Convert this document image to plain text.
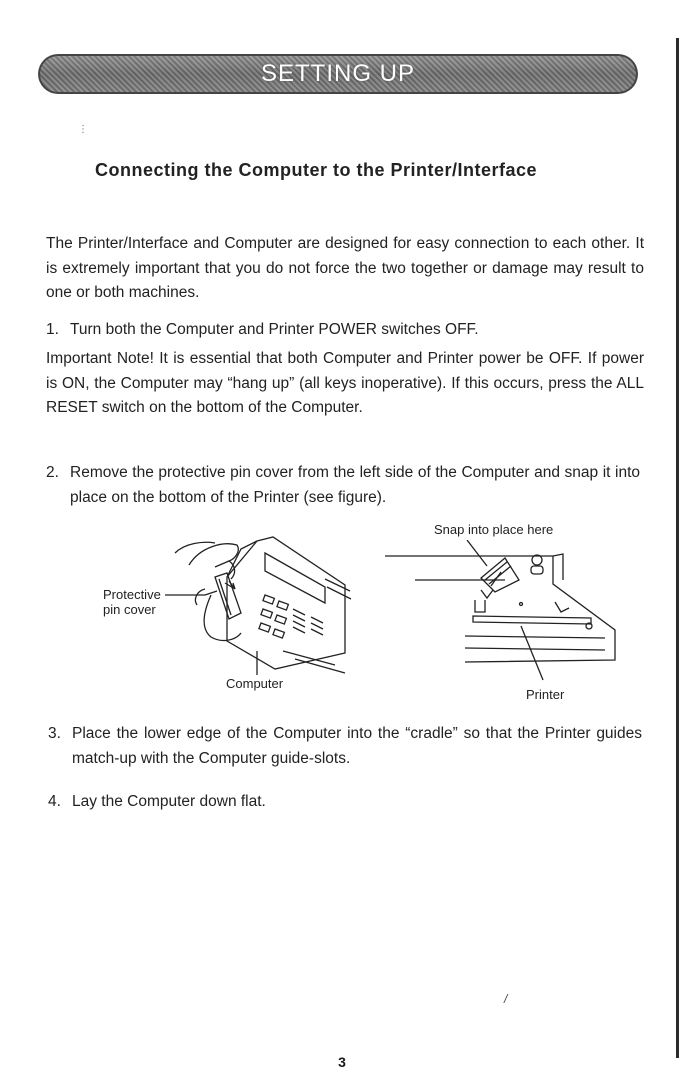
SETTING UP
⋮
Connecting the Computer to the Printer/Interface
The Printer/Interface and Computer are designed for easy connection to each other. It is extremely important that you do not force the two together or damage may result to one or both machines.
1. Turn both the Computer and Printer POWER switches OFF.
Important Note! It is essential that both Computer and Printer power be OFF. If power is ON, the Computer may “hang up” (all keys inoperative). If this occurs, press the ALL RESET switch on the bottom of the Computer.
2. Remove the protective pin cover from the left side of the Computer and snap it into place on the bottom of the Printer (see figure).
Protective
pin cover
Computer
Snap into place here
Printer
3. Place the lower edge of the Computer into the “cradle” so that the Printer guides match-up with the Computer guide-slots.
4. Lay the Computer down flat.
/
3
